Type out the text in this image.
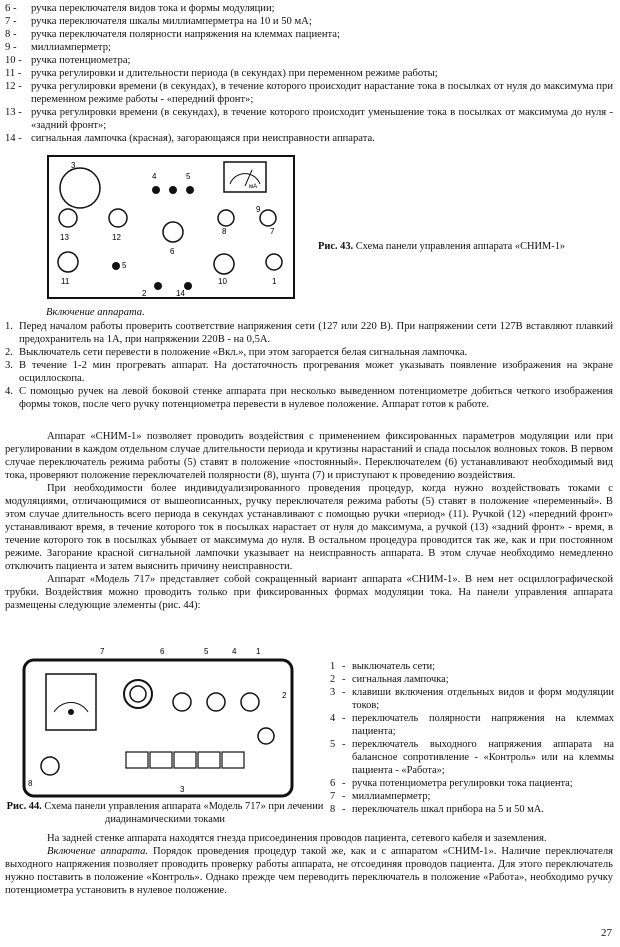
6 -	ручка переключателя видов тока и формы модуляции;
7 -	ручка переключателя шкалы миллиамперметра на 10 и 50 мА;
8 -	ручка переключателя полярности напряжения на клеммах пациента;
9 -	миллиамперметр;
10 - ручка потенциометра;
11 - ручка регулировки и длительности периода (в секундах) при переменном режиме работы;
12 - ручка регулировки времени (в секундах), в течение которого происходит нарастание тока в посылках от нуля до максимума при переменном режиме работы - «передний фронт»;
13 - ручка регулировки времени (в секундах), в течение которого происходит уменьшение тока в посылках от максимума до нуля - «задний фронт»;
14 - сигнальная лампочка (красная), загорающаяся при неисправности аппарата.
мА
3
4	5
9
8	7
13	12
6
11
5
10	1
2	14
Рис. 43. Схема панели управления аппарата «СНИМ-1»
Включение аппарата.
1. Перед началом работы проверить соответствие напряжения сети (127 или 220 В). При напряжении сети 127В вставляют плавкий предохранитель на 1А, при напряжении 220В - на 0,5А.
2. Выключатель сети перевести в положение «Вкл.», при этом загорается белая сигнальная лампочка.
3. В течение 1-2 мин прогревать аппарат. На достаточность прогревания может указывать появление изображения на экране осциллоскопа.
4. С помощью ручек на левой боковой стенке аппарата при несколько выведенном потенциометре добиться четкого изображения формы токов, после чего ручку потенциометра перевести в нулевое положение. Аппарат готов к работе.

Аппарат «СНИМ-1» позволяет проводить воздействия с применением фиксированных параметров модуляции или при регулировании в каждом отдельном случае длительности периода и крутизны нарастаний и спада посылок волновых токов. В первом случае переключатель режима работы (5) ставят в положение «постоянный». Переключателем (6) устанавливают необходимый вид тока, проверяют положение переключателей полярности (8), шунта (7) и приступают к проведению воздействия.

При необходимости более индивидуализированного проведения процедур, когда нужно воздействовать токами с модуляциями, отличающимися от вышеописанных, ручку переключателя режима работы (5) ставят в положение «переменный». В этом случае длительность всего периода в секундах устанавливают с помощью ручки «период» (11). Ручкой (12) «передний фронт» устанавливают время, в течение которого ток в посылках нарастает от нуля до максимума, а ручкой (13) «задний фронт» - время, в течение которого ток в посылках убывает от максимума до нуля. В остальном процедура проводится так же, как и при постоянном режиме. Загорание красной сигнальной лампочки указывает на неисправность аппарата. В этом случае необходимо немедленно отключить пациента и затем выяснить причину неисправности.

Аппарат «Модель 717» представляет собой сокращенный вариант аппарата «СНИМ-1». В нем нет осциллографической трубки. Воздействия можно проводить только при фиксированных формах модуляции тока. На панели управления аппарата размещены следующие элементы (рис. 44):

7	6	5	4 1
2
8
3
1 - выключатель сети;
2 - сигнальная лампочка;
3 - клавиши включения отдельных видов и форм модуляции токов;
4 - переключатель полярности напряжения на клеммах пациента;
5 - переключатель выходного напряжения аппарата на балансное сопротивление - «Контроль» или на клеммы пациента - «Работа»;
6 - ручка потенциометра регулировки тока пациента;
7 - миллиамперметр;
8 - переключатель шкал прибора на 5 и 50 мА.
Рис. 44. Схема панели управления аппарата «Модель 717» при лечении диадинамическими токами

На задней стенке аппарата находятся гнезда присоединения проводов пациента, сетевого кабеля и заземления.

Включение аппарата. Порядок проведения процедур такой же, как и с аппаратом «СНИМ-1». Наличие переключателя выходного напряжения позволяет проводить проверку работы аппарата, не отсоединяя проводов пациента. Для этого переключатель нужно поставить в положение «Контроль». Однако прежде чем переводить переключатель в положение «Работа», необходимо ручку потенциометра установить в нулевое положение.

27
